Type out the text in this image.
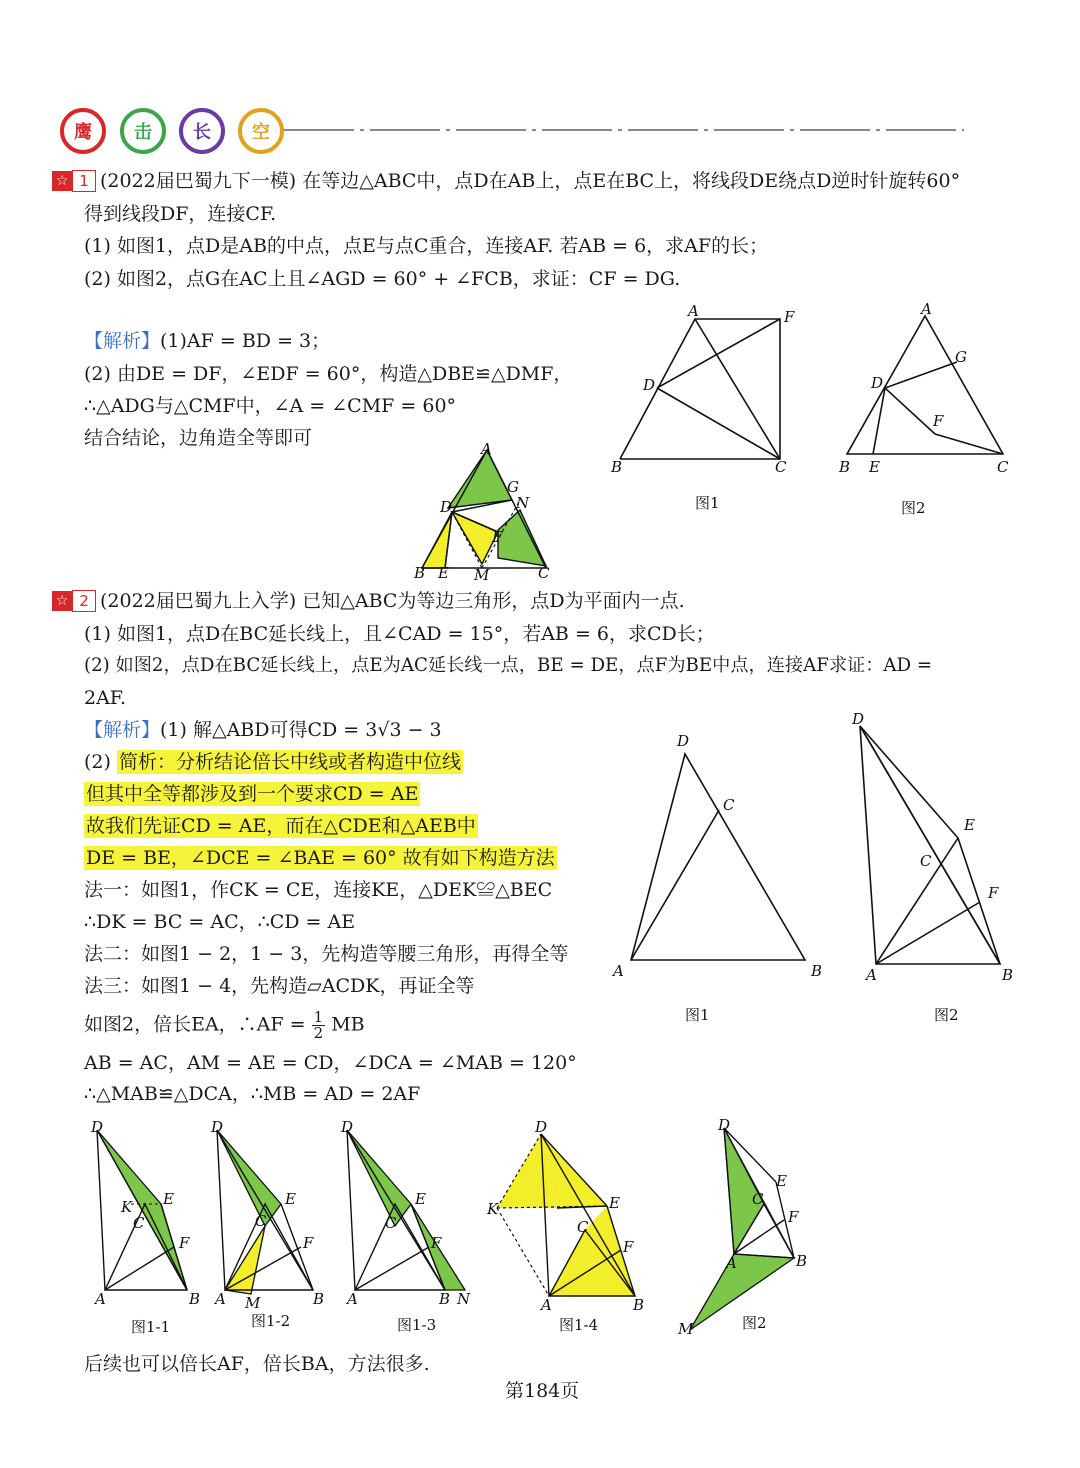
鹰	击	长	空
☆ 1 (2022届巴蜀九下一模) 在等边△ABC中，点D在AB上，点E在BC上，将线段DE绕点D逆时针旋转60°
得到线段DF，连接CF.
(1) 如图1，点D是AB的中点，点E与点C重合，连接AF. 若AB = 6，求AF的长；
(2) 如图2，点G在AC上且∠AGD = 60° + ∠FCB，求证：CF = DG.
【解析】(1)AF = BD = 3；
(2) 由DE = DF，∠EDF = 60°，构造△DBE≌△DMF，
∴△ADG与△CMF中，∠A = ∠CMF = 60°
结合结论，边角造全等即可
A	F
D
B	C
图1
A
G
D
F
B E	C
图2
A
G
N
D
F
B E M	C
☆ 2 (2022届巴蜀九上入学) 已知△ABC为等边三角形，点D为平面内一点.
(1) 如图1，点D在BC延长线上，且∠CAD = 15°，若AB = 6，求CD长；
(2) 如图2，点D在BC延长线上，点E为AC延长线一点，BE = DE，点F为BE中点，连接AF求证：AD =
2AF.
【解析】(1) 解△ABD可得CD = 3√3 − 3
(2) 简析：分析结论倍长中线或者构造中位线
但其中全等都涉及到一个要求CD = AE
故我们先证CD = AE，而在△CDE和△AEB中
DE = BE，∠DCE = ∠BAE = 60° 故有如下构造方法
法一：如图1，作CK = CE，连接KE，△DEK≌△BEC
∴DK = BC = AC，∴CD = AE
法二：如图1 − 2，1 − 3，先构造等腰三角形，再得全等
法三：如图1 − 4，先构造▱ACDK，再证全等
如图2，倍长EA，∴AF = $\frac{1}{2}$ MB
AB = AC，AM = AE = CD，∠DCA = ∠MAB = 120°
∴△MAB≌△DCA，∴MB = AD = 2AF
D
C
A	B
图1
D
E
C
F
A	B
图2
D
K E
C
F
A	B
图1-1
D
E
C
F
A M	B
图1-2
D
E
C
F
A	B N
图1-3
D
K	E
C
F
A	B
图1-4
D
E
C
F
A	B
M	图2
后续也可以倍长AF，倍长BA，方法很多.
第184页
